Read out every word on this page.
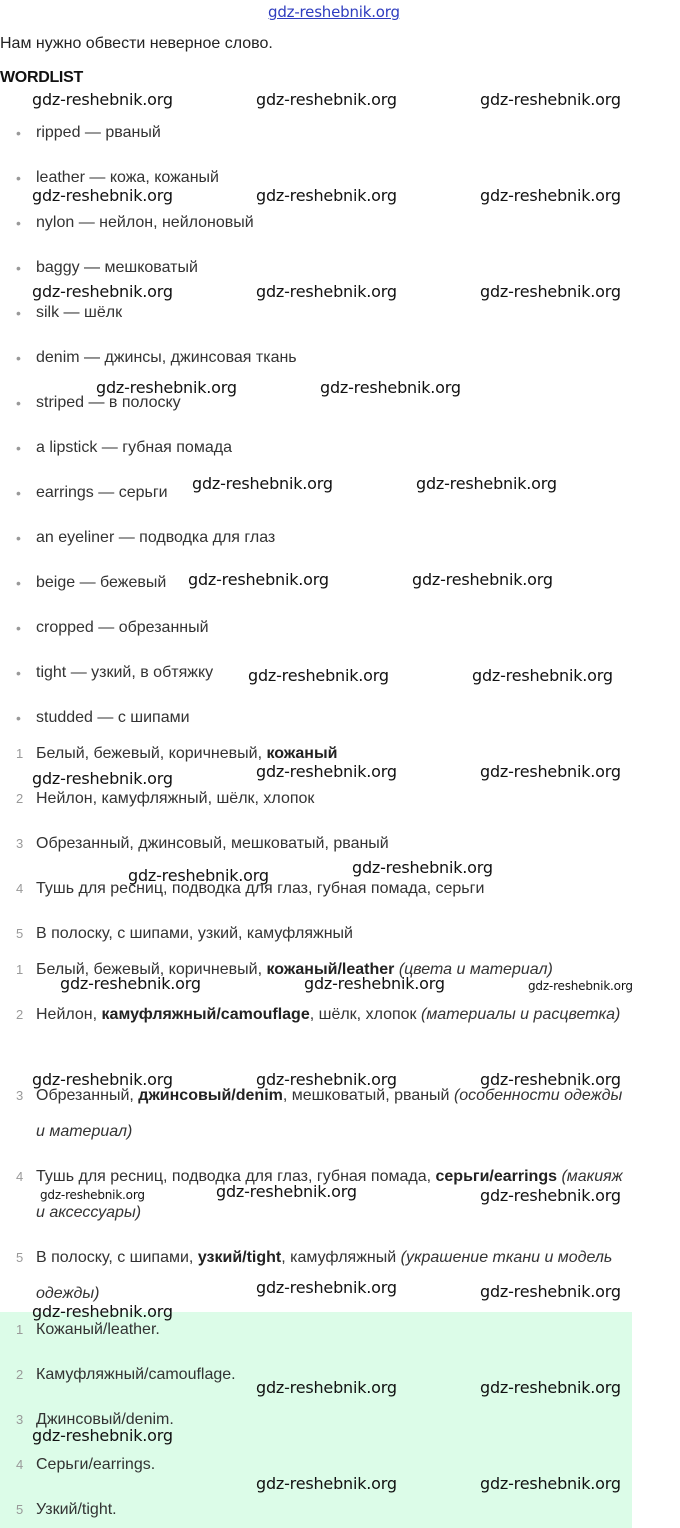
gdz-reshebnik.org
Нам нужно обвести неверное слово.
WORDLIST
• ripped — рваный
• leather — кожа, кожаный
• nylon — нейлон, нейлоновый
• baggy — мешковатый
• silk — шёлк
• denim — джинсы, джинсовая ткань
• striped — в полоску
• a lipstick — губная помада
• earrings — серьги
• an eyeliner — подводка для глаз
• beige — бежевый
• cropped — обрезанный
• tight — узкий, в обтяжку
• studded — с шипами
1 Белый, бежевый, коричневый, кожаный
2 Нейлон, камуфляжный, шёлк, хлопок
3 Обрезанный, джинсовый, мешковатый, рваный
4 Тушь для ресниц, подводка для глаз, губная помада, серьги
5 В полоску, с шипами, узкий, камуфляжный
1 Белый, бежевый, коричневый, кожаный/leather (цвета и материал)
2 Нейлон, камуфляжный/camouflage, шёлк, хлопок (материалы и расцветка)
3 Обрезанный, джинсовый/denim, мешковатый, рваный (особенности одежды и материал)
4 Тушь для ресниц, подводка для глаз, губная помада, серьги/earrings (макияж и аксессуары)
5 В полоску, с шипами, узкий/tight, камуфляжный (украшение ткани и модель одежды)
1 Кожаный/leather.
2 Камуфляжный/camouflage.
3 Джинсовый/denim.
4 Серьги/earrings.
5 Узкий/tight.
gdz-reshebnik.org	gdz-reshebnik.org	gdz-reshebnik.org
gdz-reshebnik.org	gdz-reshebnik.org	gdz-reshebnik.org
gdz-reshebnik.org	gdz-reshebnik.org	gdz-reshebnik.org
gdz-reshebnik.org	gdz-reshebnik.org
gdz-reshebnik.org	gdz-reshebnik.org
gdz-reshebnik.org	gdz-reshebnik.org
gdz-reshebnik.org	gdz-reshebnik.org
gdz-reshebnik.org	gdz-reshebnik.org	gdz-reshebnik.org
gdz-reshebnik.org	gdz-reshebnik.org
gdz-reshebnik.org	gdz-reshebnik.org	gdz-reshebnik.org
gdz-reshebnik.org	gdz-reshebnik.org	gdz-reshebnik.org
gdz-reshebnik.org	gdz-reshebnik.org	gdz-reshebnik.org
gdz-reshebnik.org	gdz-reshebnik.org
gdz-reshebnik.org
gdz-reshebnik.org	gdz-reshebnik.org
gdz-reshebnik.org
gdz-reshebnik.org	gdz-reshebnik.org
